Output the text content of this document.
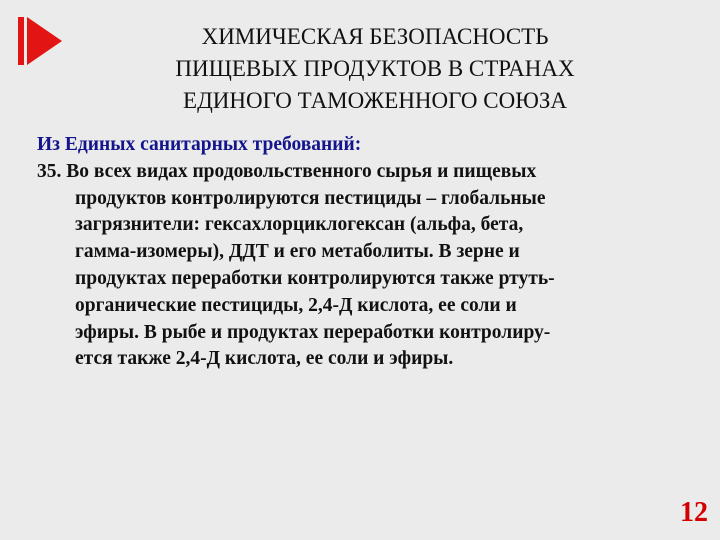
ХИМИЧЕСКАЯ БЕЗОПАСНОСТЬ
ПИЩЕВЫХ ПРОДУКТОВ В СТРАНАХ
ЕДИНОГО ТАМОЖЕННОГО СОЮЗА
Из Единых санитарных требований:
35. Во всех видах продовольственного сырья и пищевых
продуктов контролируются пестициды – глобальные
загрязнители: гексахлорциклогексан (альфа, бета,
гамма-изомеры), ДДТ и его метаболиты. В зерне и
продуктах переработки контролируются также ртуть-
органические пестициды, 2,4-Д кислота, ее соли и
эфиры. В рыбе и продуктах переработки контролиру-
ется также 2,4-Д кислота, ее соли и эфиры.
12
